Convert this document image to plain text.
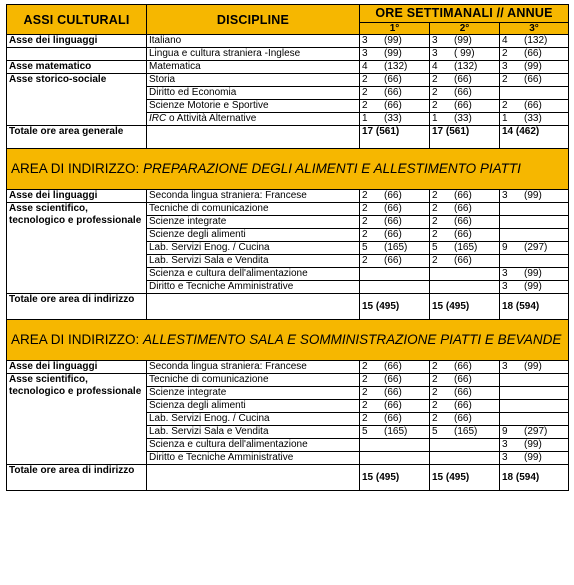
ASSI CULTURALI	DISCIPLINE	ORE SETTIMANALI // ANNUE		
		1°	2°	3°
Asse dei linguaggi	Italiano	3 (99)	3 (99)	4 (132)
	Lingua e cultura straniera -Inglese	3 (99)	3 ( 99)	2 (66)
Asse matematico	Matematica	4 (132)	4 (132)	3 (99)
Asse storico-sociale	Storia	2 (66)	2 (66)	2 (66)
	Diritto ed Economia	2 (66)	2 (66)	
	Scienze Motorie e Sportive	2 (66)	2 (66)	2 (66)
	IRC o Attività Alternative	1 (33)	1 (33)	1 (33)
Totale ore area generale		17 (561)	17 (561)	14 (462)
AREA DI INDIRIZZO: PREPARAZIONE DEGLI ALIMENTI E ALLESTIMENTO PIATTI				
Asse dei linguaggi	Seconda lingua straniera: Francese	2 (66)	2 (66)	3 (99)
Asse scientifico, tecnologico e professionale	Tecniche di comunicazione	2 (66)	2 (66)	
	Scienze integrate	2 (66)	2 (66)	
	Scienze degli alimenti	2 (66)	2 (66)	
	Lab. Servizi Enog. / Cucina	5 (165)	5 (165)	9 (297)
	Lab. Servizi Sala e Vendita	2 (66)	2 (66)	
	Scienza e cultura dell'alimentazione			3 (99)
	Diritto e Tecniche Amministrative			3 (99)
Totale ore area di indirizzo		15 (495)	15 (495)	18 (594)
AREA DI INDIRIZZO: ALLESTIMENTO SALA E SOMMINISTRAZIONE PIATTI E BEVANDE				
Asse dei linguaggi	Seconda lingua straniera: Francese	2 (66)	2 (66)	3 (99)
Asse scientifico, tecnologico e professionale	Tecniche di comunicazione	2 (66)	2 (66)	
	Scienze integrate	2 (66)	2 (66)	
	Scienza degli alimenti	2 (66)	2 (66)	
	Lab. Servizi Enog. / Cucina	2 (66)	2 (66)	
	Lab. Servizi Sala e Vendita	5 (165)	5 (165)	9 (297)
	Scienza e cultura dell'alimentazione			3 (99)
	Diritto e Tecniche Amministrative			3 (99)
Totale ore area di indirizzo		15 (495)	15 (495)	18 (594)
